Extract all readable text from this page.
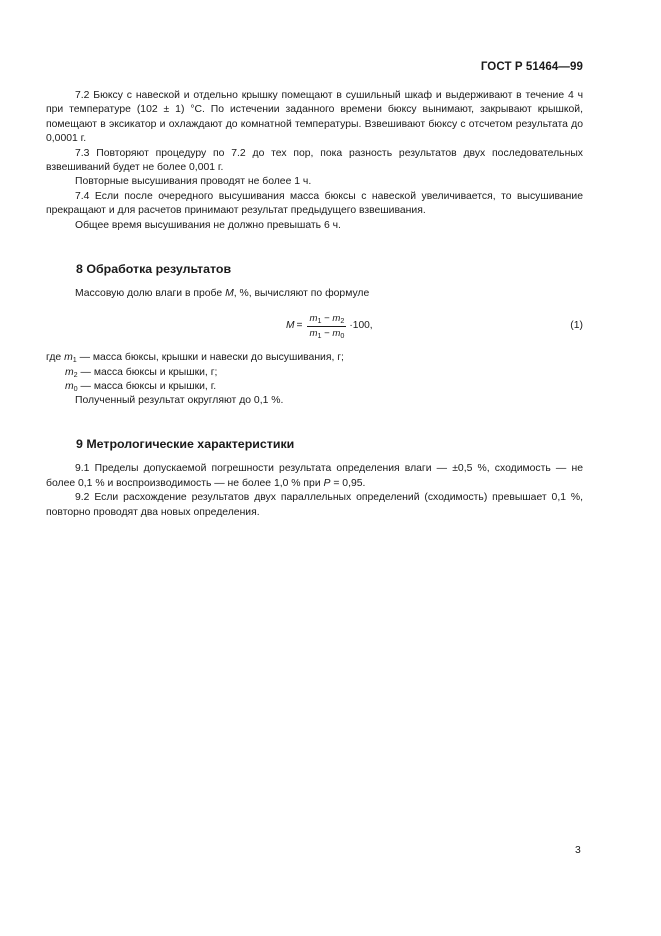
ГОСТ Р 51464—99

7.2 Бюксу с навеской и отдельно крышку помещают в сушильный шкаф и выдерживают в течение 4 ч при температуре (102 ± 1) °С. По истечении заданного времени бюксу вынимают, закрывают крышкой, помещают в эксикатор и охлаждают до комнатной температуры. Взвешивают бюксу с отсчетом результата до 0,0001 г.

7.3 Повторяют процедуру по 7.2 до тех пор, пока разность результатов двух последовательных взвешиваний будет не более 0,001 г.

Повторные высушивания проводят не более 1 ч.

7.4 Если после очередного высушивания масса бюксы с навеской увеличивается, то высушивание прекращают и для расчетов принимают результат предыдущего взвешивания.

Общее время высушивания не должно превышать 6 ч.

8 Обработка результатов

Массовую долю влаги в пробе M, %, вычисляют по формуле

$M = \frac{m_1 - m_2}{m_1 - m_0} \cdot 100$,	(1)

где $m_1$ — масса бюксы, крышки и навески до высушивания, г;

$m_2$ — масса бюксы и крышки, г;

$m_0$ — масса бюксы и крышки, г.

Полученный результат округляют до 0,1 %.

9 Метрологические характеристики

9.1 Пределы допускаемой погрешности результата определения влаги — ±0,5 %, сходимость — не более 0,1 % и воспроизводимость — не более 1,0 % при Р = 0,95.

9.2 Если расхождение результатов двух параллельных определений (сходимость) превышает 0,1 %, повторно проводят два новых определения.

3
